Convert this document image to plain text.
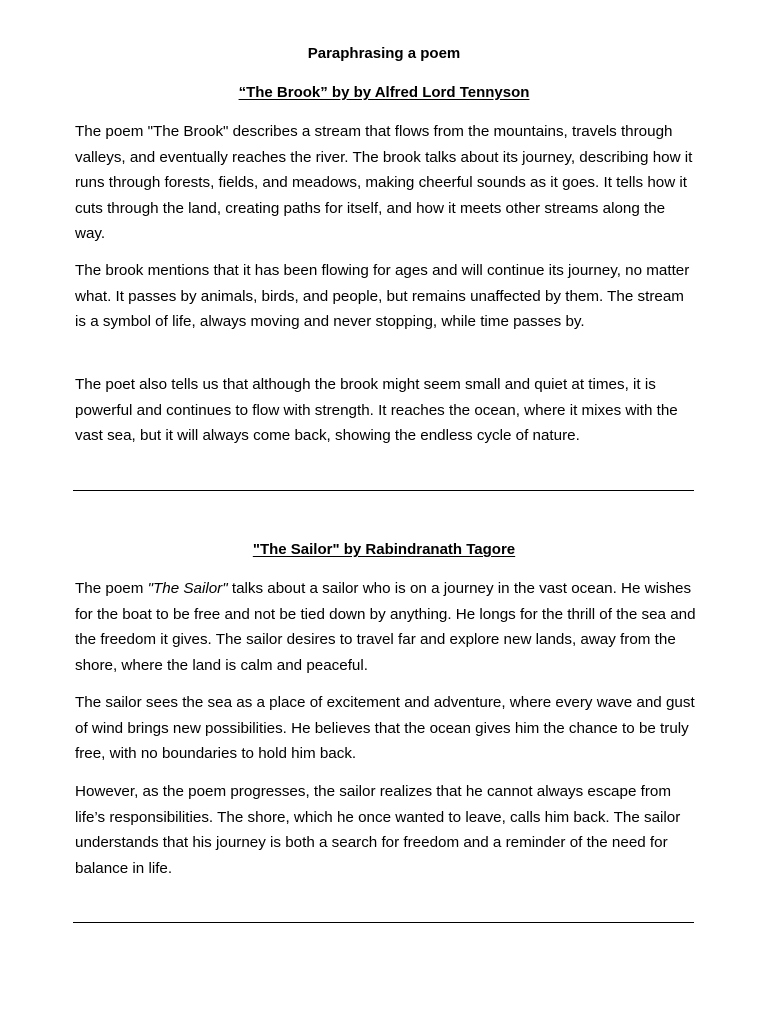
Paraphrasing a poem
“The Brook” by by Alfred Lord Tennyson

The poem "The Brook" describes a stream that flows from the mountains, travels through valleys, and eventually reaches the river. The brook talks about its journey, describing how it runs through forests, fields, and meadows, making cheerful sounds as it goes. It tells how it cuts through the land, creating paths for itself, and how it meets other streams along the way.

The brook mentions that it has been flowing for ages and will continue its journey, no matter what. It passes by animals, birds, and people, but remains unaffected by them. The stream is a symbol of life, always moving and never stopping, while time passes by.

The poet also tells us that although the brook might seem small and quiet at times, it is powerful and continues to flow with strength. It reaches the ocean, where it mixes with the vast sea, but it will always come back, showing the endless cycle of nature.

"The Sailor" by Rabindranath Tagore

The poem "The Sailor" talks about a sailor who is on a journey in the vast ocean. He wishes for the boat to be free and not be tied down by anything. He longs for the thrill of the sea and the freedom it gives. The sailor desires to travel far and explore new lands, away from the shore, where the land is calm and peaceful.

The sailor sees the sea as a place of excitement and adventure, where every wave and gust of wind brings new possibilities. He believes that the ocean gives him the chance to be truly free, with no boundaries to hold him back.

However, as the poem progresses, the sailor realizes that he cannot always escape from life’s responsibilities. The shore, which he once wanted to leave, calls him back. The sailor understands that his journey is both a search for freedom and a reminder of the need for balance in life.
